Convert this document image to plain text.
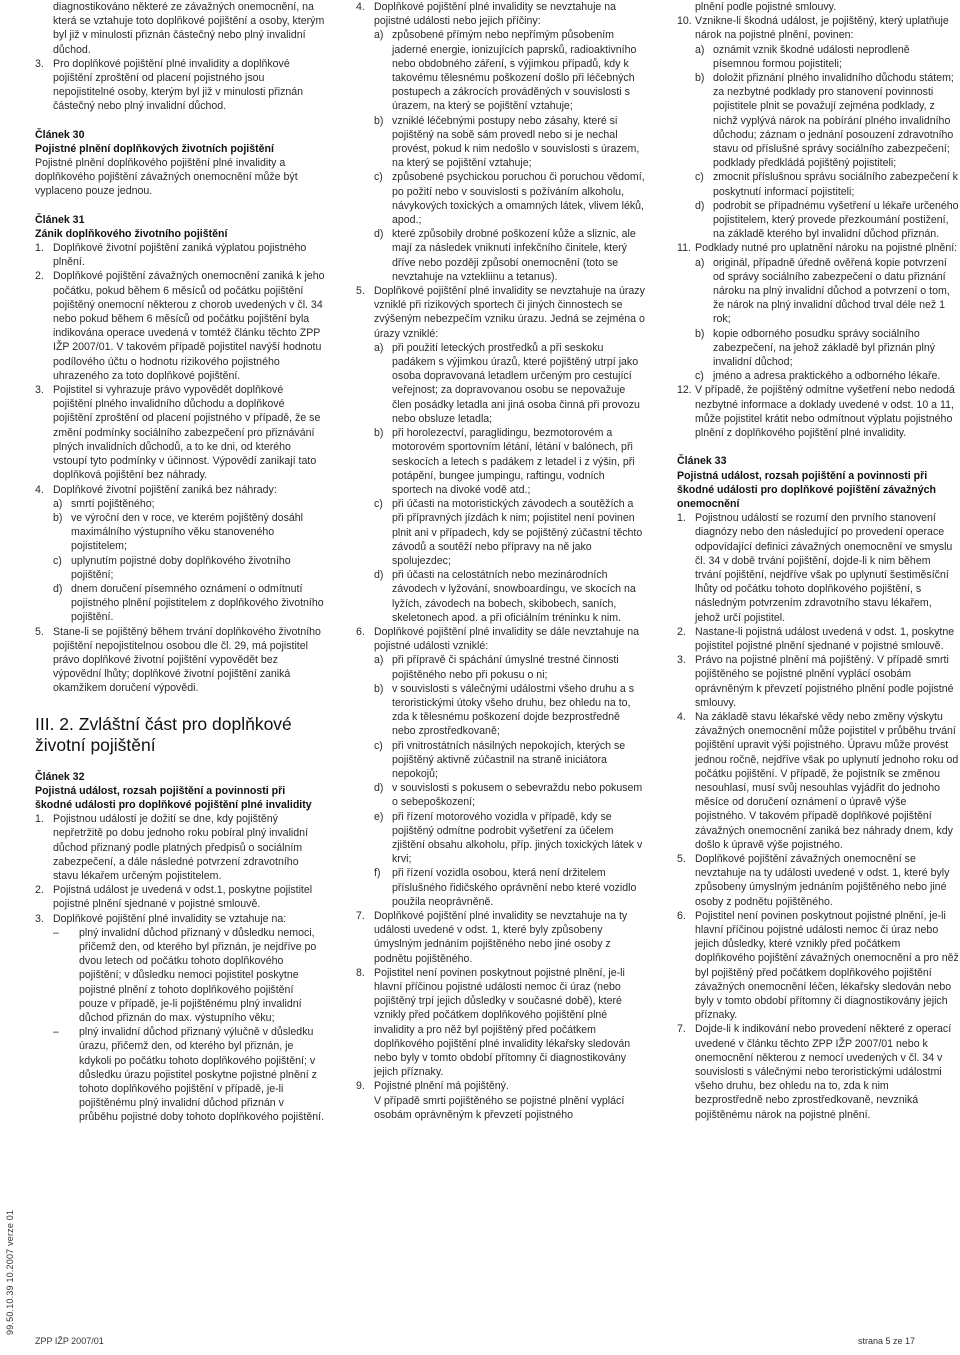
99.50.10.39 10.2007 verze 01

diagnostikováno některé ze závažných onemocnění, na která se vztahuje toto doplňkové pojištění a osoby, kterým byl již v minulosti přiznán částečný nebo plný invalidní důchod.

3. Pro doplňkové pojištění plné invalidity a doplňkové pojištění zproštění od placení pojistného jsou nepojistitelné osoby, kterým byl již v minulosti přiznán částečný nebo plný invalidní důchod.
Článek 30
Pojistné plnění doplňkových životních pojištění

Pojistné plnění doplňkového pojištění plné invalidity a doplňkového pojištění závažných onemocnění může být vyplaceno pouze jednou.

Článek 31
Zánik doplňkového životního pojištění
1. Doplňkové životní pojištění zaniká výplatou pojistného plnění.
2. Doplňkové pojištění závažných onemocnění zaniká k jeho počátku, pokud během 6 měsíců od počátku pojištění pojištěný onemocní některou z chorob uvedených v čl. 34 nebo pokud během 6 měsíců od počátku pojištění byla indikována operace uvedená v tomtéž článku těchto ZPP IŽP 2007/01. V takovém případě pojistitel navýší hodnotu podílového účtu o hodnotu rizikového pojistného uhrazeného za toto doplňkové pojištění.
3. Pojistitel si vyhrazuje právo vypovědět doplňkové pojištění plného invalidního důchodu a doplňkové pojištění zproštění od placení pojistného v případě, že se změní podmínky sociálního zabezpečení pro přiznávání plných invalidních důchodů, a to ke dni, od kterého vstoupí tyto podmínky v účinnost. Výpovědí zanikají tato doplňková pojištění bez náhrady.
4. Doplňkové životní pojištění zaniká bez náhrady:
a) smrtí pojištěného;
b) ve výroční den v roce, ve kterém pojištěný dosáhl maximálního výstupního věku stanoveného pojistitelem;
c) uplynutím pojistné doby doplňkového životního pojištění;
d) dnem doručení písemného oznámení o odmítnutí pojistného plnění pojistitelem z doplňkového životního pojištění.
5. Stane-li se pojištěný během trvání doplňkového životního pojištění nepojistitelnou osobou dle čl. 29, má pojistitel právo doplňkové životní pojištění vypovědět bez výpovědní lhůty; doplňkové životní pojištění zaniká okamžikem doručení výpovědi.
III. 2. Zvláštní část pro doplňkové životní pojištění
Článek 32
Pojistná událost, rozsah pojištění a povinnosti při škodné události pro doplňkové pojištění plné invalidity
1. Pojistnou událostí je dožití se dne, kdy pojištěný nepřetržitě po dobu jednoho roku pobíral plný invalidní důchod přiznaný podle platných předpisů o sociálním zabezpečení, a dále následné potvrzení zdravotního stavu lékařem určeným pojistitelem.
2. Pojistná událost je uvedená v odst.1, poskytne pojistitel pojistné plnění sjednané v pojistné smlouvě.
3. Doplňkové pojištění plné invalidity se vztahuje na:
– plný invalidní důchod přiznaný v důsledku nemoci, přičemž den, od kterého byl přiznán, je nejdříve po dvou letech od počátku tohoto doplňkového pojištění; v důsledku nemoci pojistitel poskytne pojistné plnění z tohoto doplňkového pojištění pouze v případě, je-li pojištěnému plný invalidní důchod přiznán do max. výstupního věku;
– plný invalidní důchod přiznaný výlučně v důsledku úrazu, přičemž den, od kterého byl přiznán, je kdykoli po počátku tohoto doplňkového pojištění; v důsledku úrazu pojistitel poskytne pojistné plnění z tohoto doplňkového pojištění v případě, je-li pojištěnému plný invalidní důchod přiznán v průběhu pojistné doby tohoto doplňkového pojištění.
4. Doplňkové pojištění plné invalidity se nevztahuje na pojistné události nebo jejich příčiny:
a) způsobené přímým nebo nepřímým působením jaderné energie, ionizujících paprsků, radioaktivního nebo obdobného záření, s výjimkou případů, kdy k takovému tělesnému poškození došlo při léčebných postupech a zákrocích prováděných v souvislosti s úrazem, na který se pojištění vztahuje;
b) vzniklé léčebnými postupy nebo zásahy, které si pojištěný na sobě sám provedl nebo si je nechal provést, pokud k nim nedošlo v souvislosti s úrazem, na který se pojištění vztahuje;
c) způsobené psychickou poruchou či poruchou vědomí, po požití nebo v souvislosti s požíváním alkoholu, návykových toxických a omamných látek, vlivem léků, apod.;
d) které způsobily drobné poškození kůže a sliznic, ale mají za následek vniknutí infekčního činitele, který dříve nebo později způsobí onemocnění (toto se nevztahuje na vztekliinu a tetanus).
5. Doplňkové pojištění plné invalidity se nevztahuje na úrazy vzniklé při rizikových sportech či jiných činnostech se zvýšeným nebezpečím vzniku úrazu. Jedná se zejména o úrazy vzniklé:
a) při použití leteckých prostředků a při seskoku padákem s výjimkou úrazů, které pojištěný utrpí jako osoba dopravovaná letadlem určeným pro cestující veřejnost; za dopravovanou osobu se nepovažuje člen posádky letadla ani jiná osoba činná při provozu nebo obsluze letadla;
b) při horolezectví, paraglidingu, bezmotorovém a motorovém sportovním létání, létání v balónech, při seskocích a letech s padákem z letadel i z výšin, při potápění, bungee jumpingu, raftingu, vodních sportech na divoké vodě atd.;
c) při účasti na motoristických závodech a soutěžích a při přípravných jízdách k nim; pojistitel není povinen plnit ani v případech, kdy se pojištěný zúčastní těchto závodů a soutěží nebo přípravy na ně jako spolujezdec;
d) při účasti na celostátních nebo mezinárodních závodech v lyžování, snowboardingu, ve skocích na lyžích, závodech na bobech, skibobech, saních, skeletonech apod. a při oficiálním tréninku k nim.
6. Doplňkové pojištění plné invalidity se dále nevztahuje na pojistné události vzniklé:
a) při přípravě či spáchání úmyslné trestné činnosti pojištěného nebo při pokusu o ni;
b) v souvislosti s válečnými událostmi všeho druhu a s teroristickými útoky všeho druhu, bez ohledu na to, zda k tělesnému poškození dojde bezprostředně nebo zprostředkovaně;
c) při vnitrostátních násilných nepokojích, kterých se pojištěný aktivně zúčastnil na straně iniciátora nepokojů;
d) v souvislosti s pokusem o sebevraždu nebo pokusem o sebepoškození;
e) při řízení motorového vozidla v případě, kdy se pojištěný odmítne podrobit vyšetření za účelem zjištění obsahu alkoholu, příp. jiných toxických látek v krvi;
f) při řízení vozidla osobou, která není držitelem příslušného řidičského oprávnění nebo které vozidlo použila neoprávněně.
7. Doplňkové pojištění plné invalidity se nevztahuje na ty události uvedené v odst. 1, které byly způsobeny úmyslným jednáním pojištěného nebo jiné osoby z podnětu pojištěného.
8. Pojistitel není povinen poskytnout pojistné plnění, je-li hlavní příčinou pojistné události nemoc či úraz (nebo pojištěný trpí jejich důsledky v současné době), které vznikly před počátkem doplňkového pojištění plné invalidity a pro něž byl pojištěný před počátkem doplňkového pojištění plné invalidity lékařsky sledován nebo byly v tomto období přítomny či diagnostikovány jejich příznaky.
9. Pojistné plnění má pojištěný.
V případě smrti pojištěného se pojistné plnění vyplácí osobám oprávněným k převzetí pojistného

plnění podle pojistné smlouvy.

10. Vznikne-li škodná událost, je pojištěný, který uplatňuje nárok na pojistné plnění, povinen:
a) oznámit vznik škodné události neprodleně písemnou formou pojistiteli;
b) doložit přiznání plného invalidního důchodu státem; za nezbytné podklady pro stanovení povinnosti pojistitele plnit se považují zejména podklady, z nichž vyplývá nárok na pobírání plného invalidního důchodu; záznam o jednání posouzení zdravotního stavu od příslušné správy sociálního zabezpečení; podklady předkládá pojištěný pojistiteli;
c) zmocnit příslušnou správu sociálního zabezpečení k poskytnutí informací pojistiteli;
d) podrobit se případnému vyšetření u lékaře určeného pojistitelem, který provede přezkoumání postižení, na základě kterého byl invalidní důchod přiznán.
11. Podklady nutné pro uplatnění nároku na pojistné plnění:
a) originál, případně úředně ověřená kopie potvrzení od správy sociálního zabezpečení o datu přiznání nároku na plný invalidní důchod a potvrzení o tom, že nárok na plný invalidní důchod trval déle než 1 rok;
b) kopie odborného posudku správy sociálního zabezpečení, na jehož základě byl přiznán plný invalidní důchod;
c) jméno a adresa praktického a odborného lékaře.
12. V případě, že pojištěný odmítne vyšetření nebo nedodá nezbytné informace a doklady uvedené v odst. 10 a 11, může pojistitel krátit nebo odmítnout výplatu pojistného plnění z doplňkového pojištění plné invalidity.
Článek 33
Pojistná událost, rozsah pojištění a povinnosti při škodné události pro doplňkové pojištění závažných onemocnění
1. Pojistnou událostí se rozumí den prvního stanovení diagnózy nebo den následující po provedení operace odpovídající definici závažných onemocnění ve smyslu čl. 34 v době trvání pojištění, dojde-li k nim během trvání pojištění, nejdříve však po uplynutí šestiměsíční lhůty od počátku tohoto doplňkového pojištění, s následným potvrzením zdravotního stavu lékařem, jehož určí pojistitel.
2. Nastane-li pojistná událost uvedená v odst. 1, poskytne pojistitel pojistné plnění sjednané v pojistné smlouvě.
3. Právo na pojistné plnění má pojištěný. V případě smrti pojištěného se pojistné plnění vyplácí osobám oprávněným k převzetí pojistného plnění podle pojistné smlouvy.
4. Na základě stavu lékařské vědy nebo změny výskytu závažných onemocnění může pojistitel v průběhu trvání pojištění upravit výši pojistného. Úpravu může provést jednou ročně, nejdříve však po uplynutí jednoho roku od počátku pojištění. V případě, že pojistník se změnou nesouhlasí, musí svůj nesouhlas vyjádřit do jednoho měsíce od doručení oznámení o úpravě výše pojistného. V takovém případě doplňkové pojištění závažných onemocnění zaniká bez náhrady dnem, kdy došlo k úpravě výše pojistného.
5. Doplňkové pojištění závažných onemocnění se nevztahuje na ty události uvedené v odst. 1, které byly způsobeny úmyslným jednáním pojištěného nebo jiné osoby z podnětu pojištěného.
6. Pojistitel není povinen poskytnout pojistné plnění, je-li hlavní příčinou pojistné události nemoc či úraz nebo jejich důsledky, které vznikly před počátkem doplňkového pojištění závažných onemocnění a pro něž byl pojištěný před počátkem doplňkového pojištění závažných onemocnění léčen, lékařsky sledován nebo byly v tomto období přítomny či diagnostikovány jejich příznaky.
7. Dojde-li k indikování nebo provedení některé z operací uvedené v článku těchto ZPP IŽP 2007/01 nebo k onemocnění některou z nemocí uvedených v čl. 34 v souvislosti s válečnými nebo teroristickými událostmi všeho druhu, bez ohledu na to, zda k nim bezprostředně nebo zprostředkovaně, nevzniká pojištěnému nárok na pojistné plnění.
ZPP IŽP 2007/01	strana 5 ze 17
